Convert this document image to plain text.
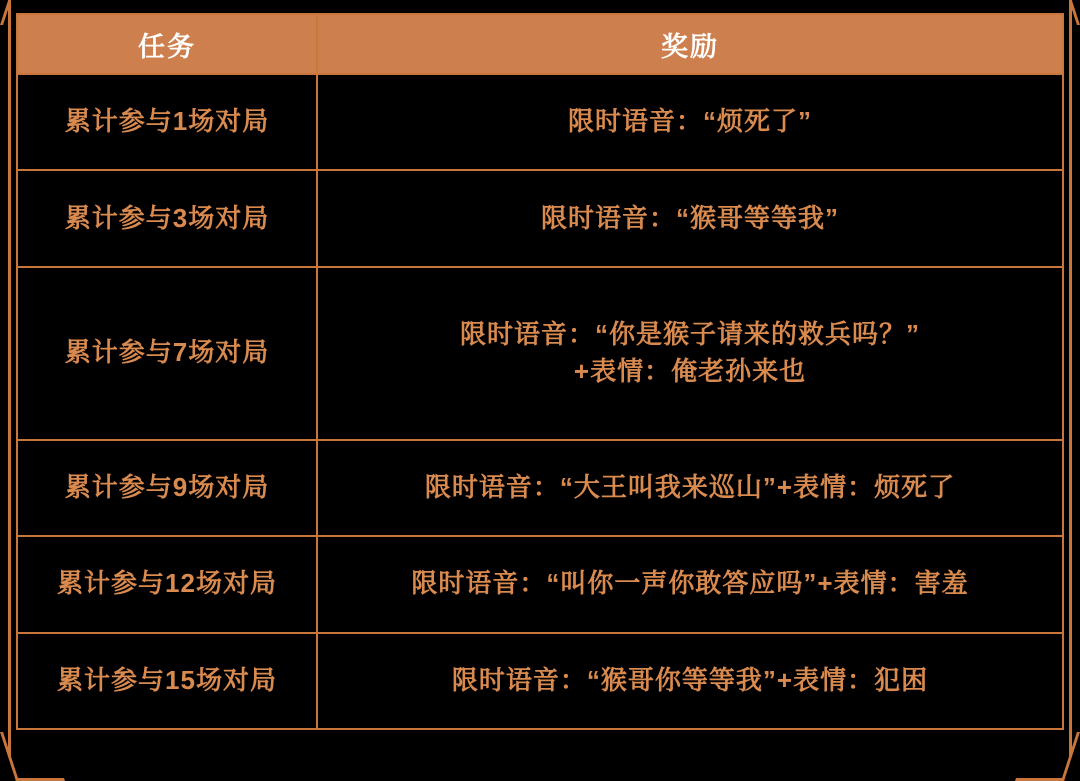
任务	奖励
累计参与1场对局	限时语音：“烦死了”

累计参与3场对局	限时语音：“猴哥等等我”

累计参与7场对局	限时语音：“你是猴子请来的救兵吗？”
+表情：俺老孙来也

累计参与9场对局	限时语音：“大王叫我来巡山”+表情：烦死了

累计参与12场对局	限时语音：“叫你一声你敢答应吗”+表情：害羞

累计参与15场对局	限时语音：“猴哥你等等我”+表情：犯困
